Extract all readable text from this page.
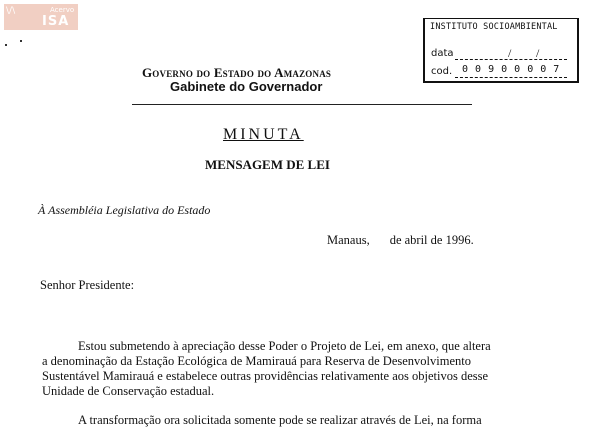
\/\	Acervo
ISA	INSTITUTO SOCIOAMBIENTAL
data	/ /
cod. 0 0 9 0 0 0 0 7
Governo do Estado do Amazonas
Gabinete do Governador
MINUTA
MENSAGEM DE LEI
À Assembléia Legislativa do Estado
Manaus, de abril de 1996.
Senhor Presidente:
Estou submetendo à apreciação desse Poder o Projeto de Lei, em anexo, que altera
a denominação da Estação Ecológica de Mamirauá para Reserva de Desenvolvimento
Sustentável Mamirauá e estabelece outras providências relativamente aos objetivos desse
Unidade de Conservação estadual.
A transformação ora solicitada somente pode se realizar através de Lei, na forma
